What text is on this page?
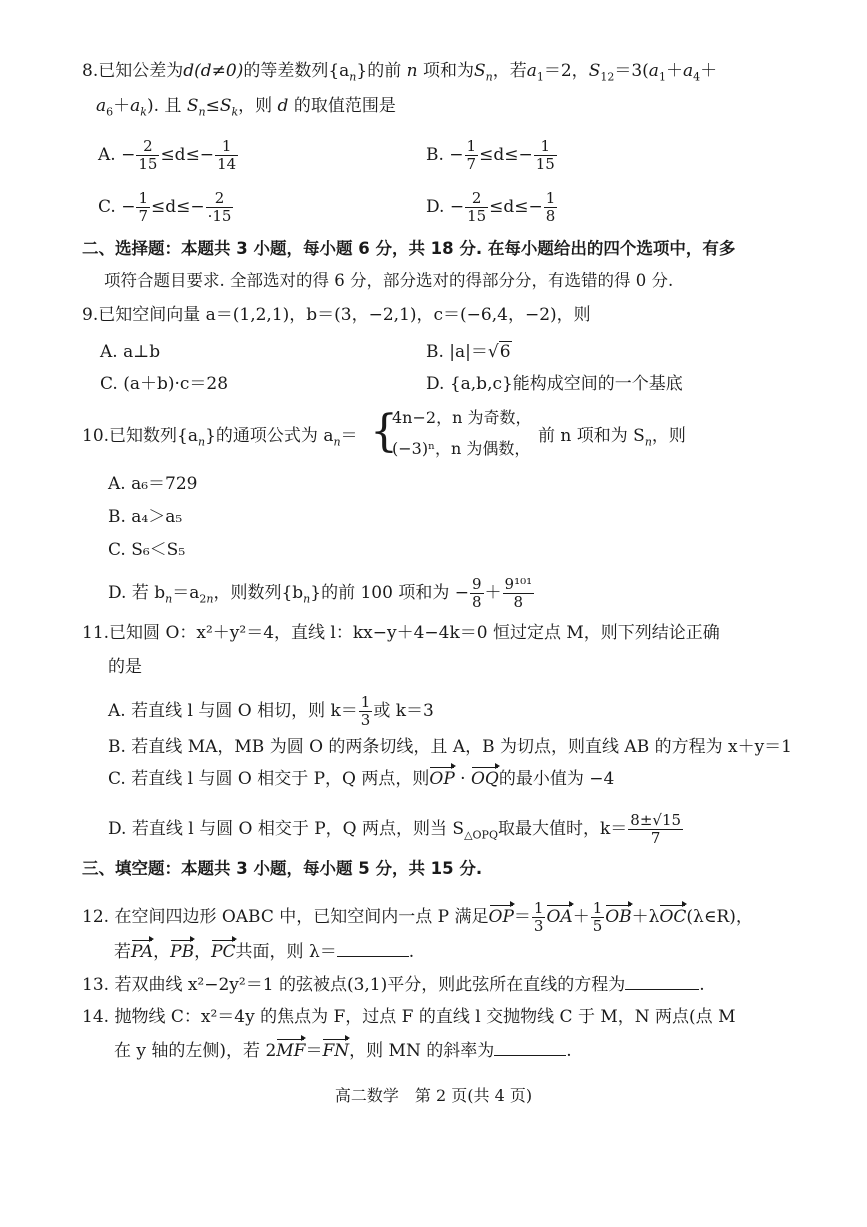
8.已知公差为d(d≠0)的等差数列$\{a_n\}$的前 n 项和为$S_n$，若$a_1=2$，$S_{12}=3(a_1+a_4+$
$a_6+a_k$). 且 $S_n\le S_k$，则 d 的取值范围是
A. − $\frac{2}{15} \le d\le- \frac{1}{14}$	B. − $\frac{1}{7} \le d\le- \frac{1}{15}$
C. − $\frac{1}{7} \le d\le- \frac{2}{\cdot 15}$	D. − $\frac{2}{15} \le d\le- \frac{1}{8}$
二、选择题：本题共 3 小题，每小题 6 分，共 18 分. 在每小题给出的四个选项中，有多
项符合题目要求. 全部选对的得 6 分，部分选对的得部分分，有选错的得 0 分.
9.已知空间向量 a＝(1,2,1)，b＝(3，−2,1)，c＝(−6,4，−2)，则
A. a⊥b	B. |a|＝√6
C. (a＋b)·c＝28	D. {a,b,c}能构成空间的一个基底
10.已知数列$\{a_n\}$的通项公式为 $a_n=$ {
4n−2，n 为奇数，
(−3)ⁿ，n 为偶数，
前 n 项和为 $S_n$，则
A. a₆＝729
B. a₄＞a₅
C. S₆＜S₅
D. 若 $b_n=a_{2n}$，则数列$\{b_n\}$的前 100 项和为 − $\frac{9}{8} + \frac{\text{9¹⁰¹}}{8}$
11.已知圆 O：x²＋y²＝4，直线 l：kx−y＋4−4k＝0 恒过定点 M，则下列结论正确
的是
A. 若直线 l 与圆 O 相切，则 $k= \frac{1}{3}$ 或 k＝3
B. 若直线 MA，MB 为圆 O 的两条切线，且 A，B 为切点，则直线 AB 的方程为 x＋y＝1
C. 若直线 l 与圆 O 相交于 P，Q 两点，则OP · OQ的最小值为 −4
D. 若直线 l 与圆 O 相交于 P，Q 两点，则当 $S_{\triangle OPQ}$取最大值时，$k= \frac{8\pm√15}{7}$
三、填空题：本题共 3 小题，每小题 5 分，共 15 分.
12. 在空间四边形 OABC 中，已知空间内一点 P 满足$OP= \frac{1}{3} OA+ \frac{1}{5}$ OB＋λOC(λ∈R)，
若PA，PB，PC共面，则 λ＝	.
13. 若双曲线 x²−2y²＝1 的弦被点(3,1)平分，则此弦所在直线的方程为	.
14. 抛物线 C：x²＝4y 的焦点为 F，过点 F 的直线 l 交抛物线 C 于 M，N 两点(点 M
在 y 轴的左侧)，若 2MF＝FN，则 MN 的斜率为	.
高二数学　第 2 页(共 4 页)
